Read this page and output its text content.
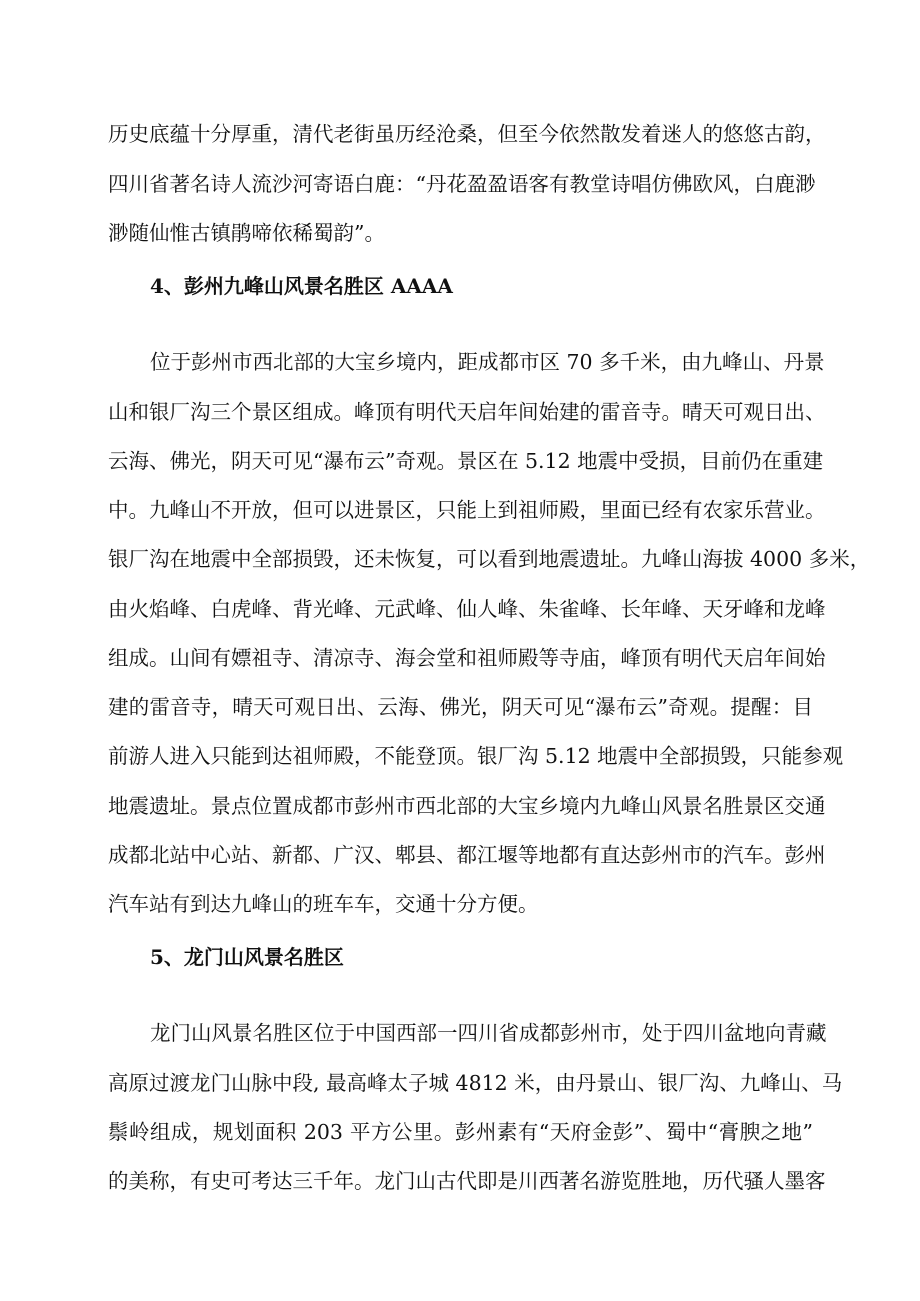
历史底蕴十分厚重，清代老街虽历经沧桑，但至今依然散发着迷人的悠悠古韵，
四川省著名诗人流沙河寄语白鹿：“丹花盈盈语客有教堂诗唱仿佛欧风，白鹿渺
渺随仙惟古镇鹃啼依稀蜀韵”。
4、彭州九峰山风景名胜区 AAAA
位于彭州市西北部的大宝乡境内，距成都市区 70 多千米，由九峰山、丹景
山和银厂沟三个景区组成。峰顶有明代天启年间始建的雷音寺。晴天可观日出、
云海、佛光，阴天可见“瀑布云”奇观。景区在 5.12 地震中受损，目前仍在重建
中。九峰山不开放，但可以进景区，只能上到祖师殿，里面已经有农家乐营业。
银厂沟在地震中全部损毁，还未恢复，可以看到地震遗址。九峰山海拔 4000 多米，
由火焰峰、白虎峰、背光峰、元武峰、仙人峰、朱雀峰、长年峰、天牙峰和龙峰
组成。山间有嫖祖寺、清凉寺、海会堂和祖师殿等寺庙，峰顶有明代天启年间始
建的雷音寺，晴天可观日出、云海、佛光，阴天可见“瀑布云”奇观。提醒：目
前游人进入只能到达祖师殿，不能登顶。银厂沟 5.12 地震中全部损毁，只能参观
地震遗址。景点位置成都市彭州市西北部的大宝乡境内九峰山风景名胜景区交通
成都北站中心站、新都、广汉、郫县、都江堰等地都有直达彭州市的汽车。彭州
汽车站有到达九峰山的班车车，交通十分方便。
5、龙门山风景名胜区
龙门山风景名胜区位于中国西部一四川省成都彭州市，处于四川盆地向青藏
高原过渡龙门山脉中段, 最高峰太子城 4812 米，由丹景山、银厂沟、九峰山、马
鬃岭组成，规划面积 203 平方公里。彭州素有“天府金彭”、蜀中“膏腴之地”
的美称，有史可考达三千年。龙门山古代即是川西著名游览胜地，历代骚人墨客
